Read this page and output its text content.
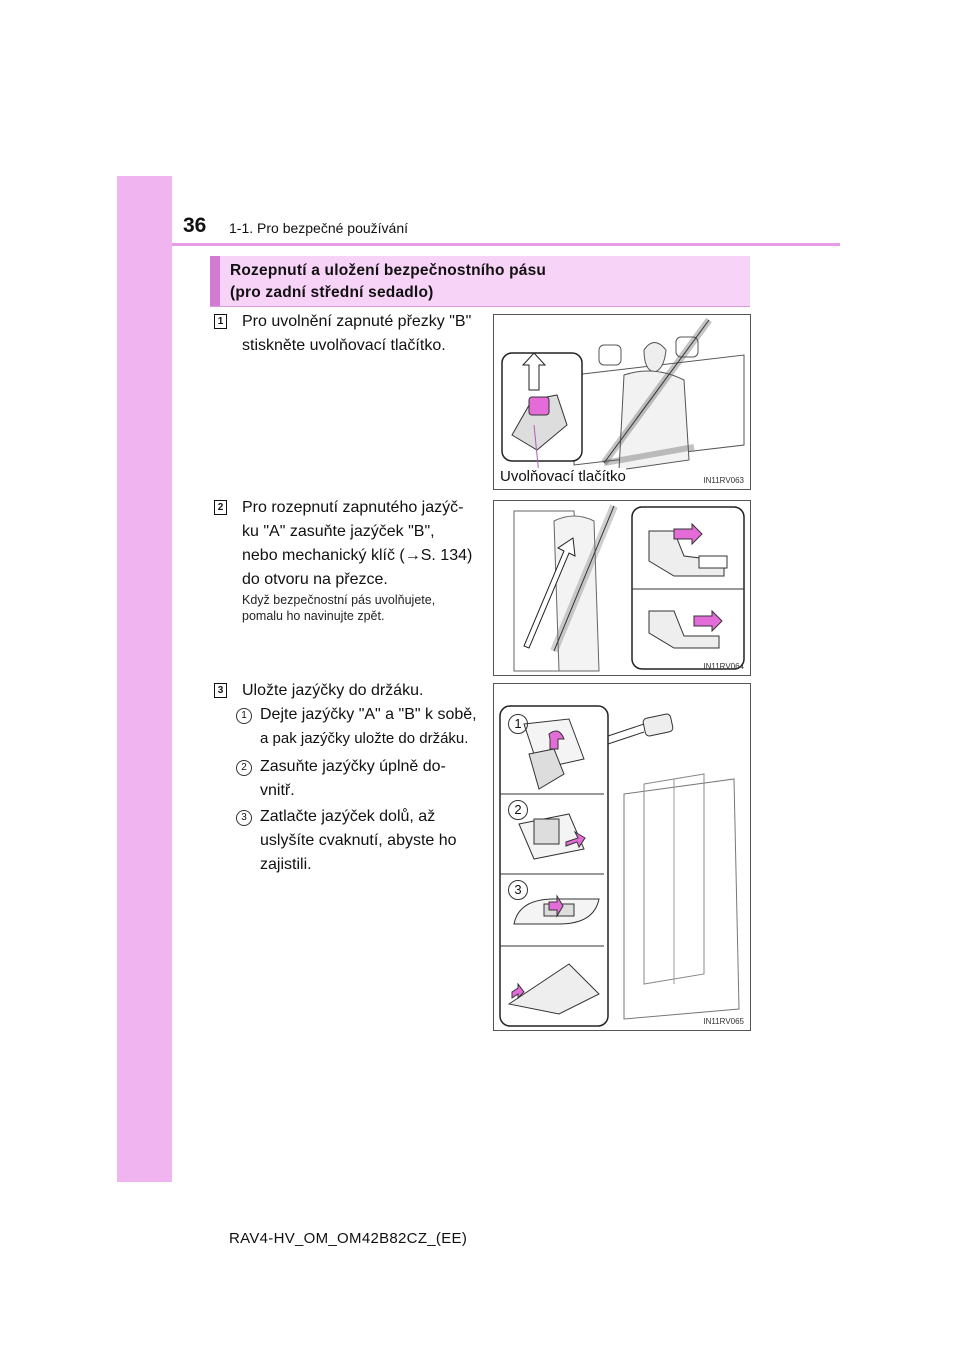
36 1-1. Pro bezpečné používání
Rozepnutí a uložení bezpečnostního pásu
(pro zadní střední sedadlo)
1 Pro uvolnění zapnuté přezky "B"
stiskněte uvolňovací tlačítko.
Uvolňovací tlačítko	IN11RV063
2 Pro rozepnutí zapnutého jazýč-
ku "A" zasuňte jazýček "B",
nebo mechanický klíč (→S. 134)
do otvoru na přezce.
Když bezpečnostní pás uvolňujete,
pomalu ho navinujte zpět.
IN11RV064
3 Uložte jazýčky do držáku.
1 Dejte jazýčky "A" a "B" k sobě,
a pak jazýčky uložte do držáku.
2 Zasuňte jazýčky úplně do-
vnitř.
3 Zatlačte jazýček dolů, až
uslyšíte cvaknutí, abyste ho
zajistili.
1
2
3
IN11RV065
RAV4-HV_OM_OM42B82CZ_(EE)
